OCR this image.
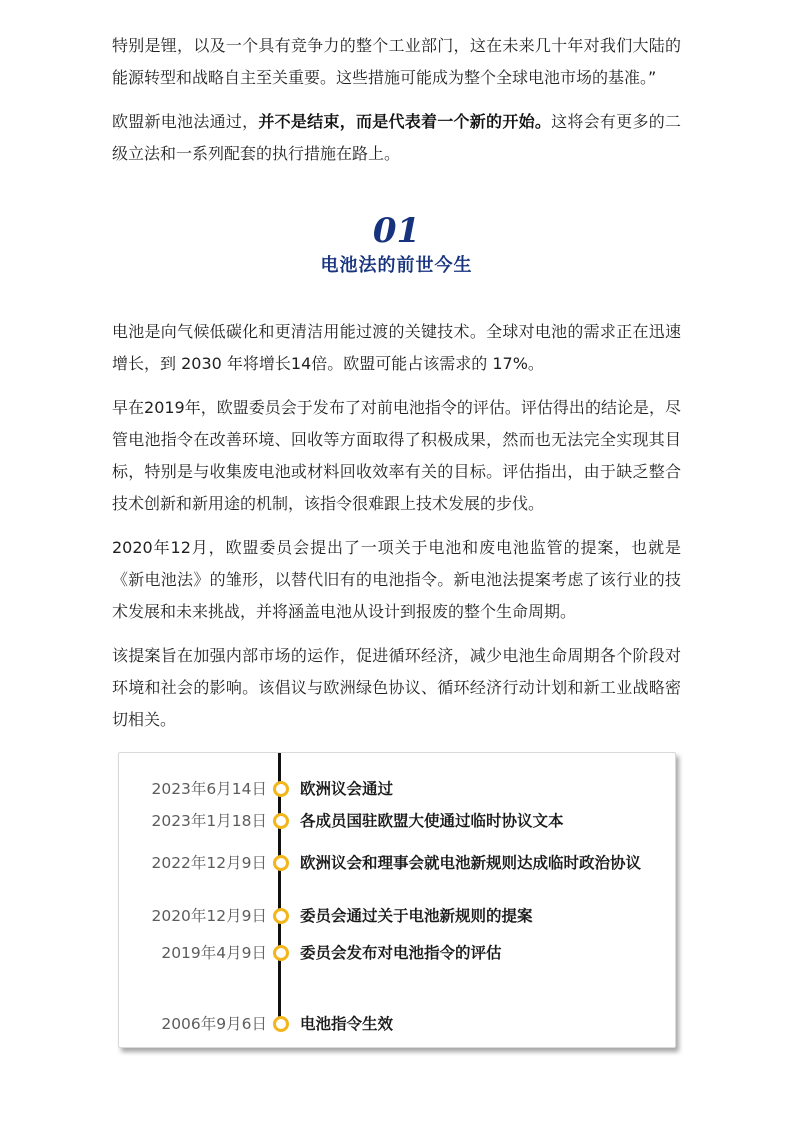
特别是锂，以及一个具有竞争力的整个工业部门，这在未来几十年对我们大陆的能源转型和战略自主至关重要。这些措施可能成为整个全球电池市场的基准。”

欧盟新电池法通过，并不是结束，而是代表着一个新的开始。这将会有更多的二级立法和一系列配套的执行措施在路上。

01
电池法的前世今生

电池是向气候低碳化和更清洁用能过渡的关键技术。全球对电池的需求正在迅速增长，到 2030 年将增长14倍。欧盟可能占该需求的 17%。

早在2019年，欧盟委员会于发布了对前电池指令的评估。评估得出的结论是，尽管电池指令在改善环境、回收等方面取得了积极成果，然而也无法完全实现其目标，特别是与收集废电池或材料回收效率有关的目标。评估指出，由于缺乏整合技术创新和新用途的机制，该指令很难跟上技术发展的步伐。

2020年12月，欧盟委员会提出了一项关于电池和废电池监管的提案，也就是《新电池法》的雏形，以替代旧有的电池指令。新电池法提案考虑了该行业的技术发展和未来挑战，并将涵盖电池从设计到报废的整个生命周期。

该提案旨在加强内部市场的运作，促进循环经济，减少电池生命周期各个阶段对环境和社会的影响。该倡议与欧洲绿色协议、循环经济行动计划和新工业战略密切相关。

2023年6月14日 欧洲议会通过
2023年1月18日 各成员国驻欧盟大使通过临时协议文本
2022年12月9日 欧洲议会和理事会就电池新规则达成临时政治协议
2020年12月9日 委员会通过关于电池新规则的提案
2019年4月9日 委员会发布对电池指令的评估
2006年9月6日 电池指令生效
